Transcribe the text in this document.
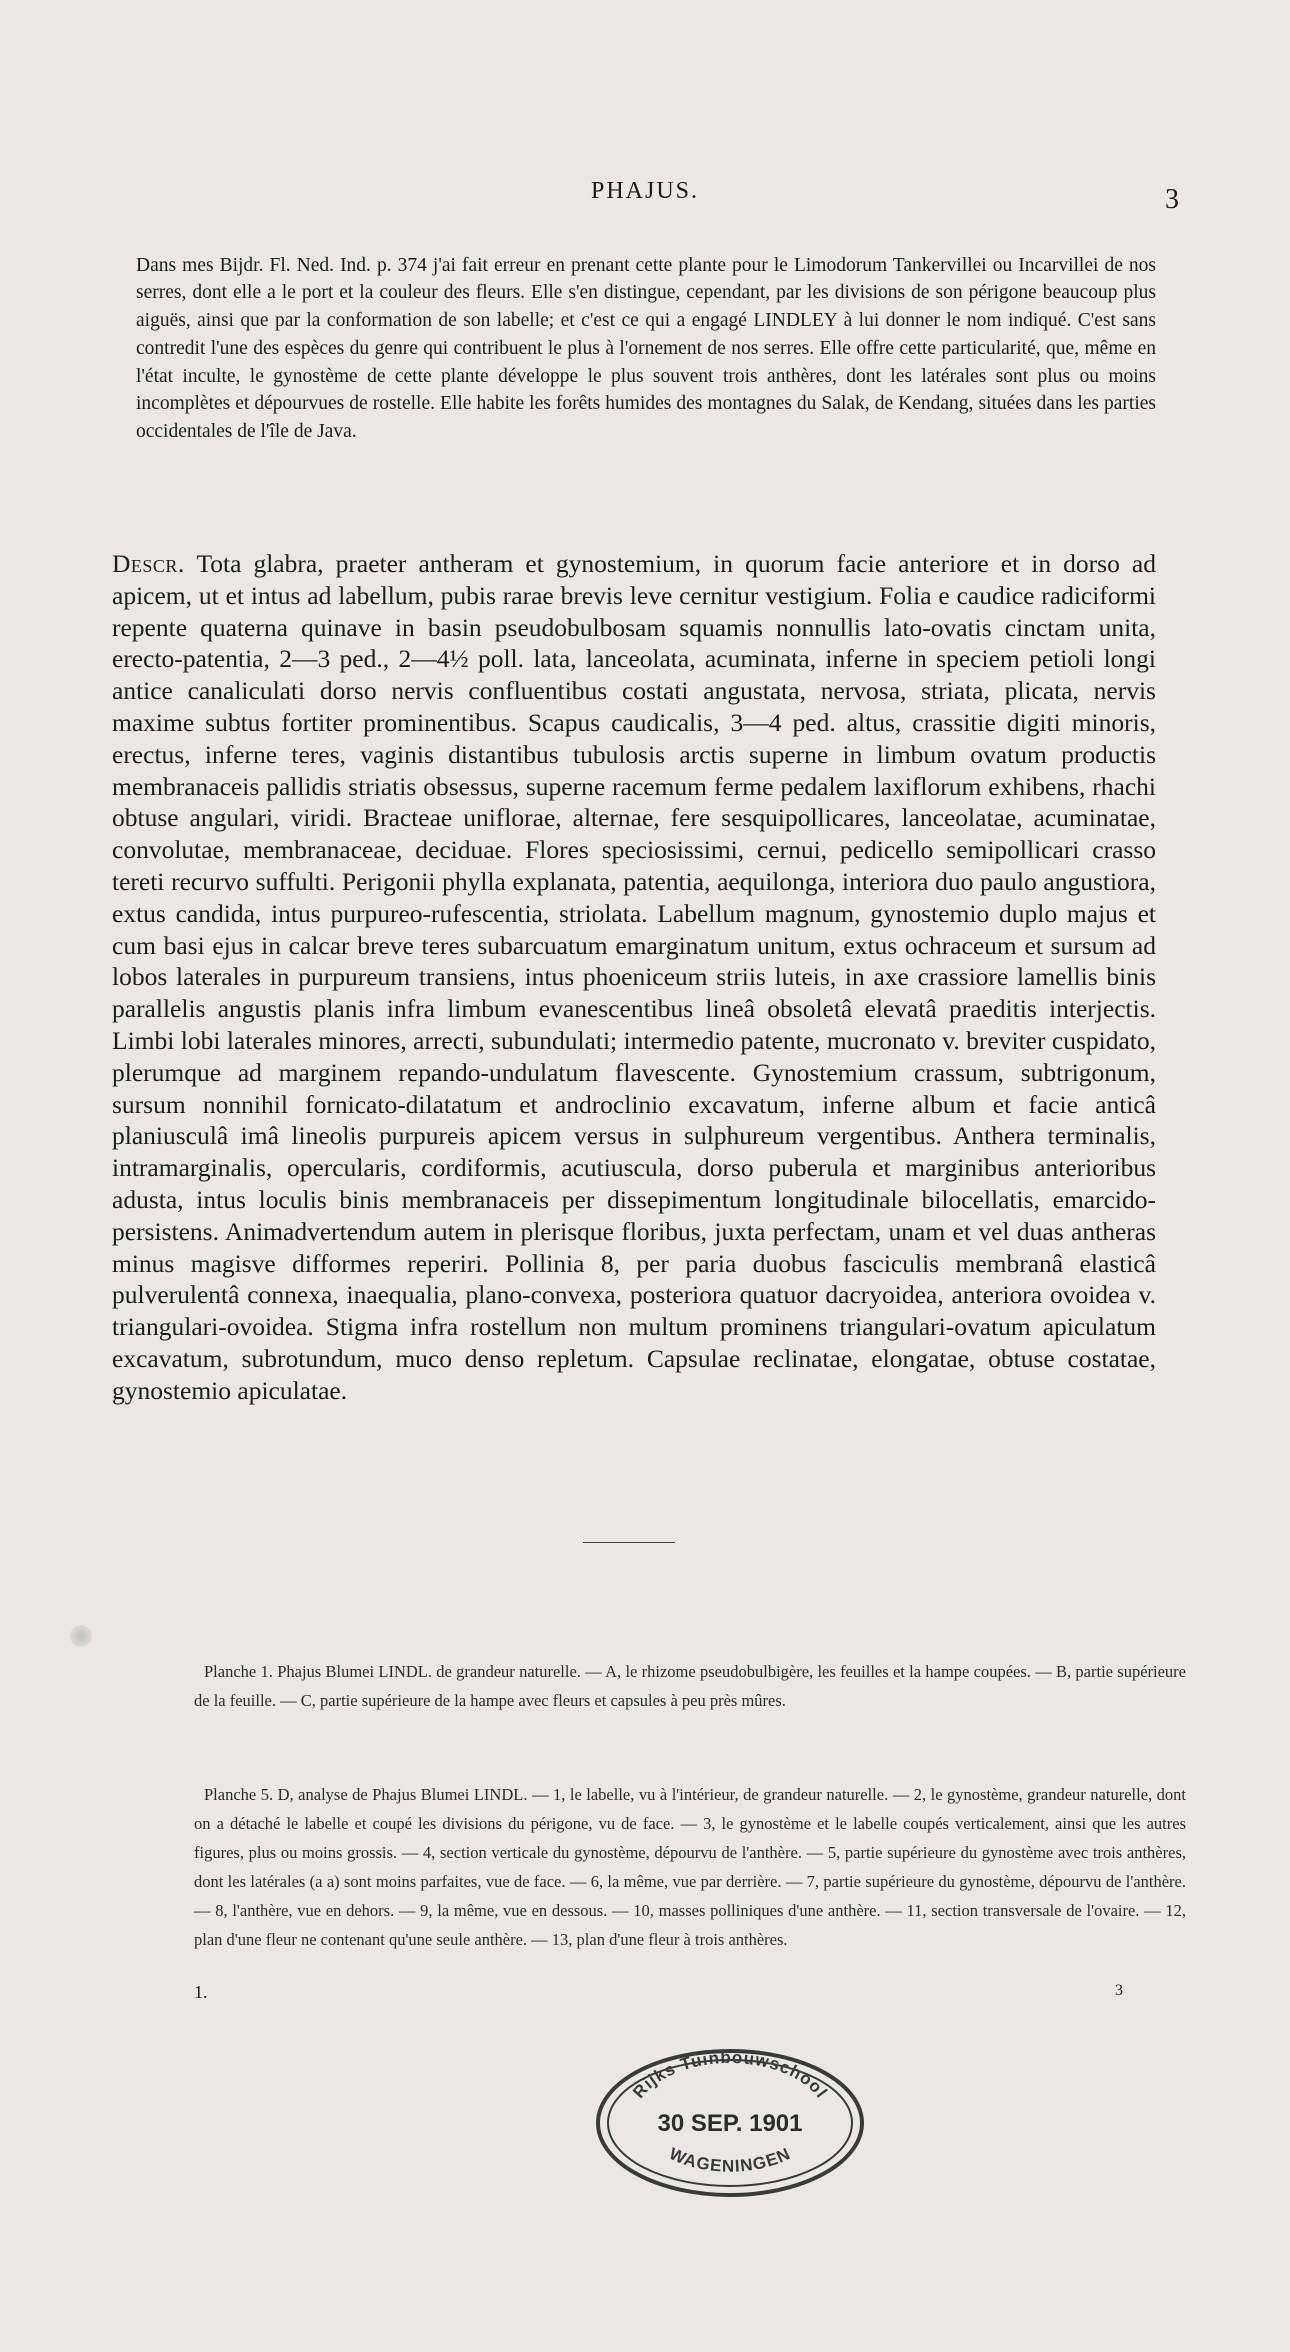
PHAJUS.	3

Dans mes Bijdr. Fl. Ned. Ind. p. 374 j'ai fait erreur en prenant cette plante pour le Limodorum Tankervillei ou Incarvillei de nos serres, dont elle a le port et la couleur des fleurs. Elle s'en distingue, cependant, par les divisions de son périgone beaucoup plus aiguës, ainsi que par la conformation de son labelle; et c'est ce qui a engagé LINDLEY à lui donner le nom indiqué. C'est sans contredit l'une des espèces du genre qui contribuent le plus à l'ornement de nos serres. Elle offre cette particularité, que, même en l'état inculte, le gynostème de cette plante développe le plus souvent trois anthères, dont les latérales sont plus ou moins incomplètes et dépourvues de rostelle. Elle habite les forêts humides des montagnes du Salak, de Kendang, situées dans les parties occidentales de l'île de Java.

Descr. Tota glabra, praeter antheram et gynostemium, in quorum facie anteriore et in dorso ad apicem, ut et intus ad labellum, pubis rarae brevis leve cernitur vestigium. Folia e caudice radiciformi repente quaterna quinave in basin pseudobulbosam squamis nonnullis lato-ovatis cinctam unita, erecto-patentia, 2—3 ped., 2—4½ poll. lata, lanceolata, acuminata, inferne in speciem petioli longi antice canaliculati dorso nervis confluentibus costati angustata, nervosa, striata, plicata, nervis maxime subtus fortiter prominentibus. Scapus caudicalis, 3—4 ped. altus, crassitie digiti minoris, erectus, inferne teres, vaginis distantibus tubulosis arctis superne in limbum ovatum productis membranaceis pallidis striatis obsessus, superne racemum ferme pedalem laxiflorum exhibens, rhachi obtuse angulari, viridi. Bracteae uniflorae, alternae, fere sesquipollicares, lanceolatae, acuminatae, convolutae, membranaceae, deciduae. Flores speciosissimi, cernui, pedicello semipollicari crasso tereti recurvo suffulti. Perigonii phylla explanata, patentia, aequilonga, interiora duo paulo angustiora, extus candida, intus purpureo-rufescentia, striolata. Labellum magnum, gynostemio duplo majus et cum basi ejus in calcar breve teres subarcuatum emarginatum unitum, extus ochraceum et sursum ad lobos laterales in purpureum transiens, intus phoeniceum striis luteis, in axe crassiore lamellis binis parallelis angustis planis infra limbum evanescentibus lineâ obsoletâ elevatâ praeditis interjectis. Limbi lobi laterales minores, arrecti, subundulati; intermedio patente, mucronato v. breviter cuspidato, plerumque ad marginem repando-undulatum flavescente. Gynostemium crassum, subtrigonum, sursum nonnihil fornicato-dilatatum et androclinio excavatum, inferne album et facie anticâ planiusculâ imâ lineolis purpureis apicem versus in sulphureum vergentibus. Anthera terminalis, intramarginalis, opercularis, cordiformis, acutiuscula, dorso puberula et marginibus anterioribus adusta, intus loculis binis membranaceis per dissepimentum longitudinale bilocellatis, emarcido-persistens. Animadvertendum autem in plerisque floribus, juxta perfectam, unam et vel duas antheras minus magisve difformes reperiri. Pollinia 8, per paria duobus fasciculis membranâ elasticâ pulverulentâ connexa, inaequalia, plano-convexa, posteriora quatuor dacryoidea, anteriora ovoidea v. triangulari-ovoidea. Stigma infra rostellum non multum prominens triangulari-ovatum apiculatum excavatum, subrotundum, muco denso repletum. Capsulae reclinatae, elongatae, obtuse costatae, gynostemio apiculatae.

Planche 1. Phajus Blumei LINDL. de grandeur naturelle. — A, le rhizome pseudobulbigère, les feuilles et la hampe coupées. — B, partie supérieure de la feuille. — C, partie supérieure de la hampe avec fleurs et capsules à peu près mûres.

Planche 5. D, analyse de Phajus Blumei LINDL. — 1, le labelle, vu à l'intérieur, de grandeur naturelle. — 2, le gynostème, grandeur naturelle, dont on a détaché le labelle et coupé les divisions du périgone, vu de face. — 3, le gynostème et le labelle coupés verticalement, ainsi que les autres figures, plus ou moins grossis. — 4, section verticale du gynostème, dépourvu de l'anthère. — 5, partie supérieure du gynostème avec trois anthères, dont les latérales (a a) sont moins parfaites, vue de face. — 6, la même, vue par derrière. — 7, partie supérieure du gynostème, dépourvu de l'anthère. — 8, l'anthère, vue en dehors. — 9, la même, vue en dessous. — 10, masses polliniques d'une anthère. — 11, section transversale de l'ovaire. — 12, plan d'une fleur ne contenant qu'une seule anthère. — 13, plan d'une fleur à trois anthères.

1.	3
Rijks Tuinbouwschool
30 SEP. 1901
WAGENINGEN
